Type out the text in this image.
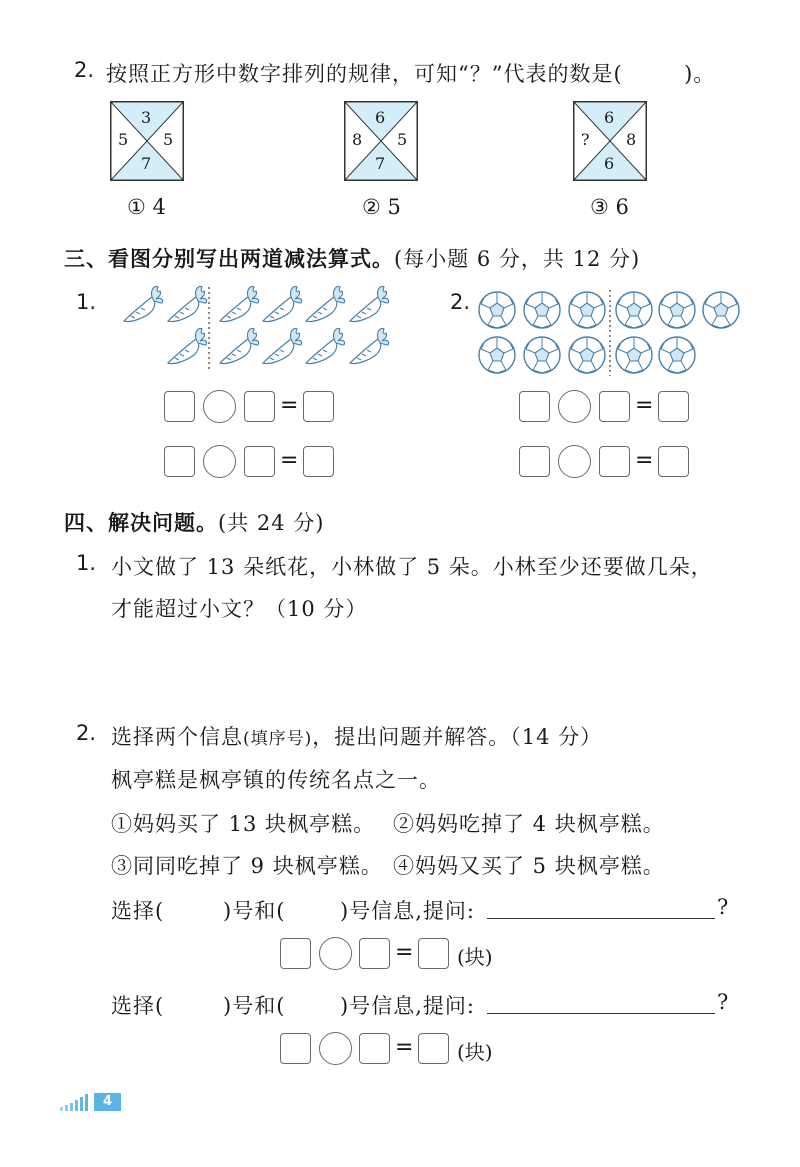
2. 按照正方形中数字排列的规律，可知“？”代表的数是(        )。
3
5 5
7
6
8 5
7
6
? 8
6
① 4	② 5	③ 6
三、看图分别写出两道减法算式。(每小题 6 分，共 12 分)
1.	2.
=
=
=
=
四、解决问题。(共 24 分)
1. 小文做了 13 朵纸花，小林做了 5 朵。小林至少还要做几朵，
才能超过小文？（10 分）
2. 选择两个信息(填序号)，提出问题并解答。（14 分）
枫亭糕是枫亭镇的传统名点之一。
①妈妈买了 13 块枫亭糕。 ②妈妈吃掉了 4 块枫亭糕。
③同同吃掉了 9 块枫亭糕。 ④妈妈又买了 5 块枫亭糕。
选择(	)号和(	)号信息,提问:	?
= (块)
选择(	)号和(	)号信息,提问:	?
= (块)
4
